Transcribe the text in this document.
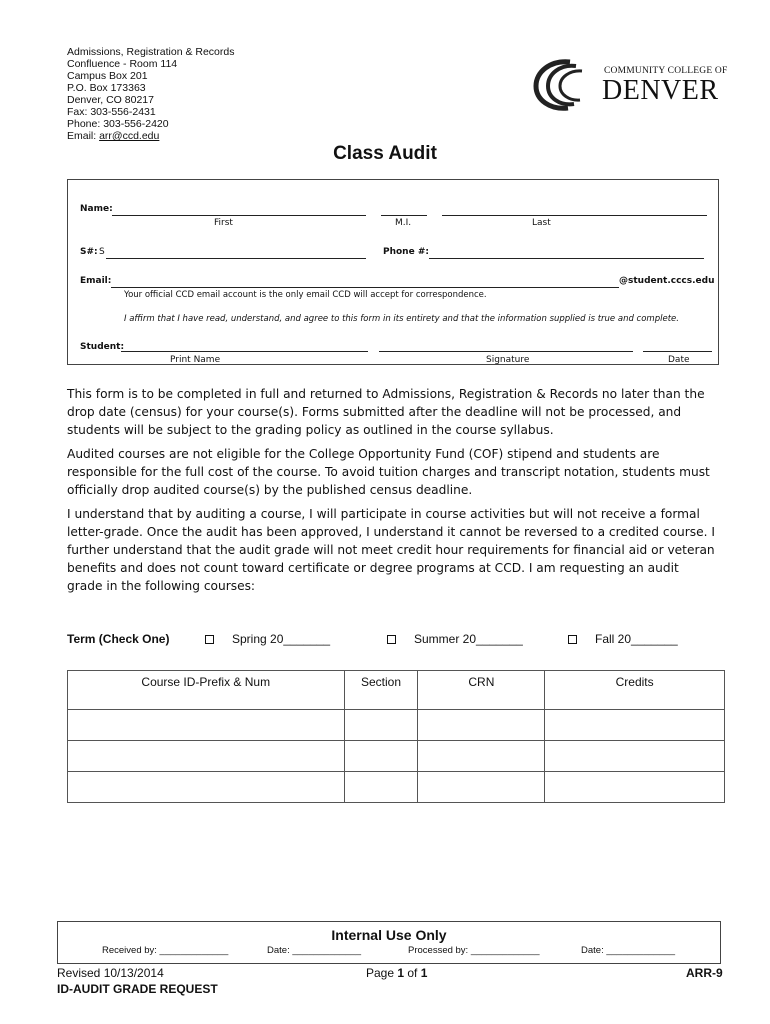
Admissions, Registration & Records
Confluence - Room 114
Campus Box 201
P.O. Box 173363
Denver, CO 80217
Fax: 303-556-2431
Phone: 303-556-2420
Email: arr@ccd.edu
COMMUNITY COLLEGE OF
DENVER
Class Audit
Name:
First	M.I.	Last
S#: S	Phone #:
Email:	@student.cccs.edu
Your official CCD email account is the only email CCD will accept for correspondence.
I affirm that I have read, understand, and agree to this form in its entirety and that the information supplied is true and complete.
Student:
Print Name	Signature	Date
This form is to be completed in full and returned to Admissions, Registration & Records no later than the drop date (census) for your course(s). Forms submitted after the deadline will not be processed, and students will be subject to the grading policy as outlined in the course syllabus.
Audited courses are not eligible for the College Opportunity Fund (COF) stipend and students are responsible for the full cost of the course. To avoid tuition charges and transcript notation, students must officially drop audited course(s) by the published census deadline.
I understand that by auditing a course, I will participate in course activities but will not receive a formal letter-grade. Once the audit has been approved, I understand it cannot be reversed to a credited course. I further understand that the audit grade will not meet credit hour requirements for financial aid or veteran benefits and does not count toward certificate or degree programs at CCD. I am requesting an audit grade in the following courses:
Term (Check One)	Spring 20_______	Summer 20_______	Fall 20_______
Course ID-Prefix & Num	Section	CRN	Credits

Internal Use Only
Received by: _____________	Date: _____________	Processed by: _____________	Date: _____________
Revised 10/13/2014	Page 1 of 1	ARR-9
ID-AUDIT GRADE REQUEST
